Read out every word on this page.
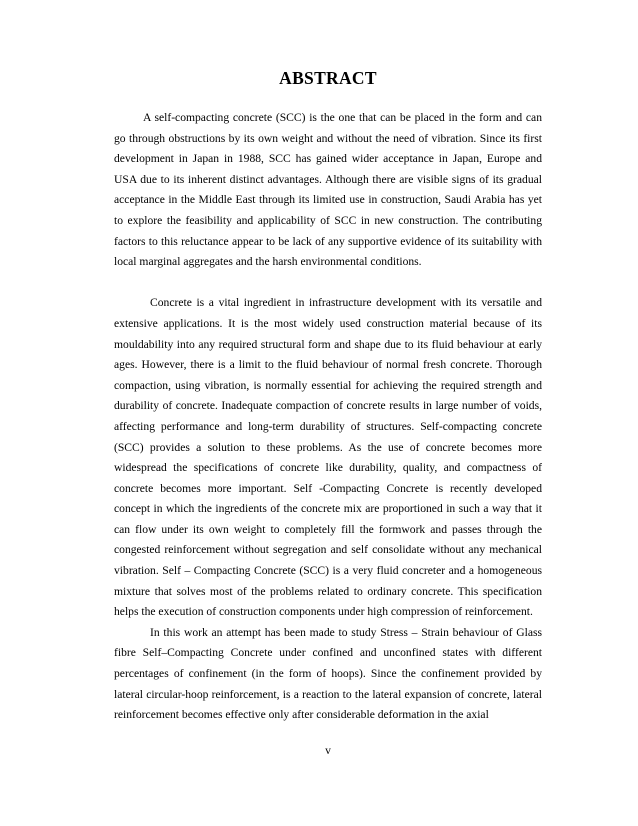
ABSTRACT

A self-compacting concrete (SCC) is the one that can be placed in the form and can go through obstructions by its own weight and without the need of vibration. Since its first development in Japan in 1988, SCC has gained wider acceptance in Japan, Europe and USA due to its inherent distinct advantages. Although there are visible signs of its gradual acceptance in the Middle East through its limited use in construction, Saudi Arabia has yet to explore the feasibility and applicability of SCC in new construction. The contributing factors to this reluctance appear to be lack of any supportive evidence of its suitability with local marginal aggregates and the harsh environmental conditions.

Concrete is a vital ingredient in infrastructure development with its versatile and extensive applications. It is the most widely used construction material because of its mouldability into any required structural form and shape due to its fluid behaviour at early ages. However, there is a limit to the fluid behaviour of normal fresh concrete. Thorough compaction, using vibration, is normally essential for achieving the required strength and durability of concrete. Inadequate compaction of concrete results in large number of voids, affecting performance and long-term durability of structures. Self-compacting concrete (SCC) provides a solution to these problems. As the use of concrete becomes more widespread the specifications of concrete like durability, quality, and compactness of concrete becomes more important. Self -Compacting Concrete is recently developed concept in which the ingredients of the concrete mix are proportioned in such a way that it can flow under its own weight to completely fill the formwork and passes through the congested reinforcement without segregation and self consolidate without any mechanical vibration. Self – Compacting Concrete (SCC) is a very fluid concreter and a homogeneous mixture that solves most of the problems related to ordinary concrete. This specification helps the execution of construction components under high compression of reinforcement.

In this work an attempt has been made to study Stress – Strain behaviour of Glass fibre Self–Compacting Concrete under confined and unconfined states with different percentages of confinement (in the form of hoops). Since the confinement provided by lateral circular-hoop reinforcement, is a reaction to the lateral expansion of concrete, lateral reinforcement becomes effective only after considerable deformation in the axial

v
